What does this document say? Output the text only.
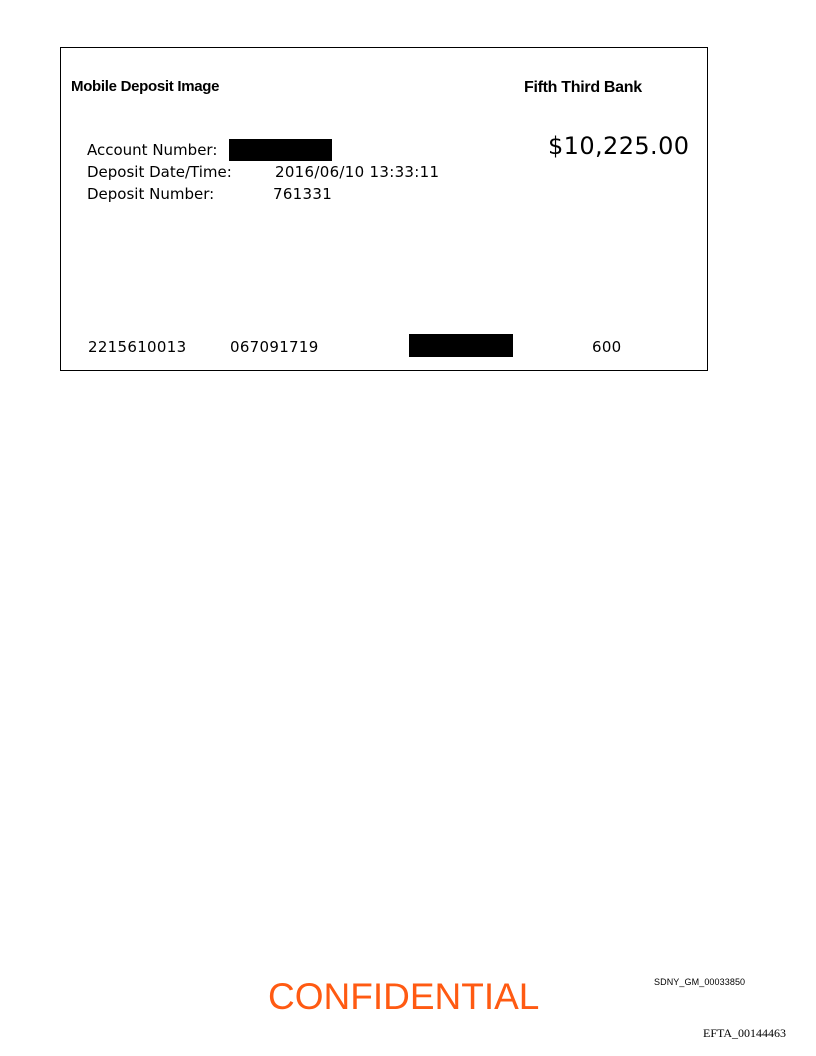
Mobile Deposit Image	Fifth Third Bank
$10,225.00
Account Number:
Deposit Date/Time:	2016/06/10 13:33:11
Deposit Number:	761331
2215610013	067091719	600
CONFIDENTIAL	SDNY_GM_00033850
EFTA_00144463
